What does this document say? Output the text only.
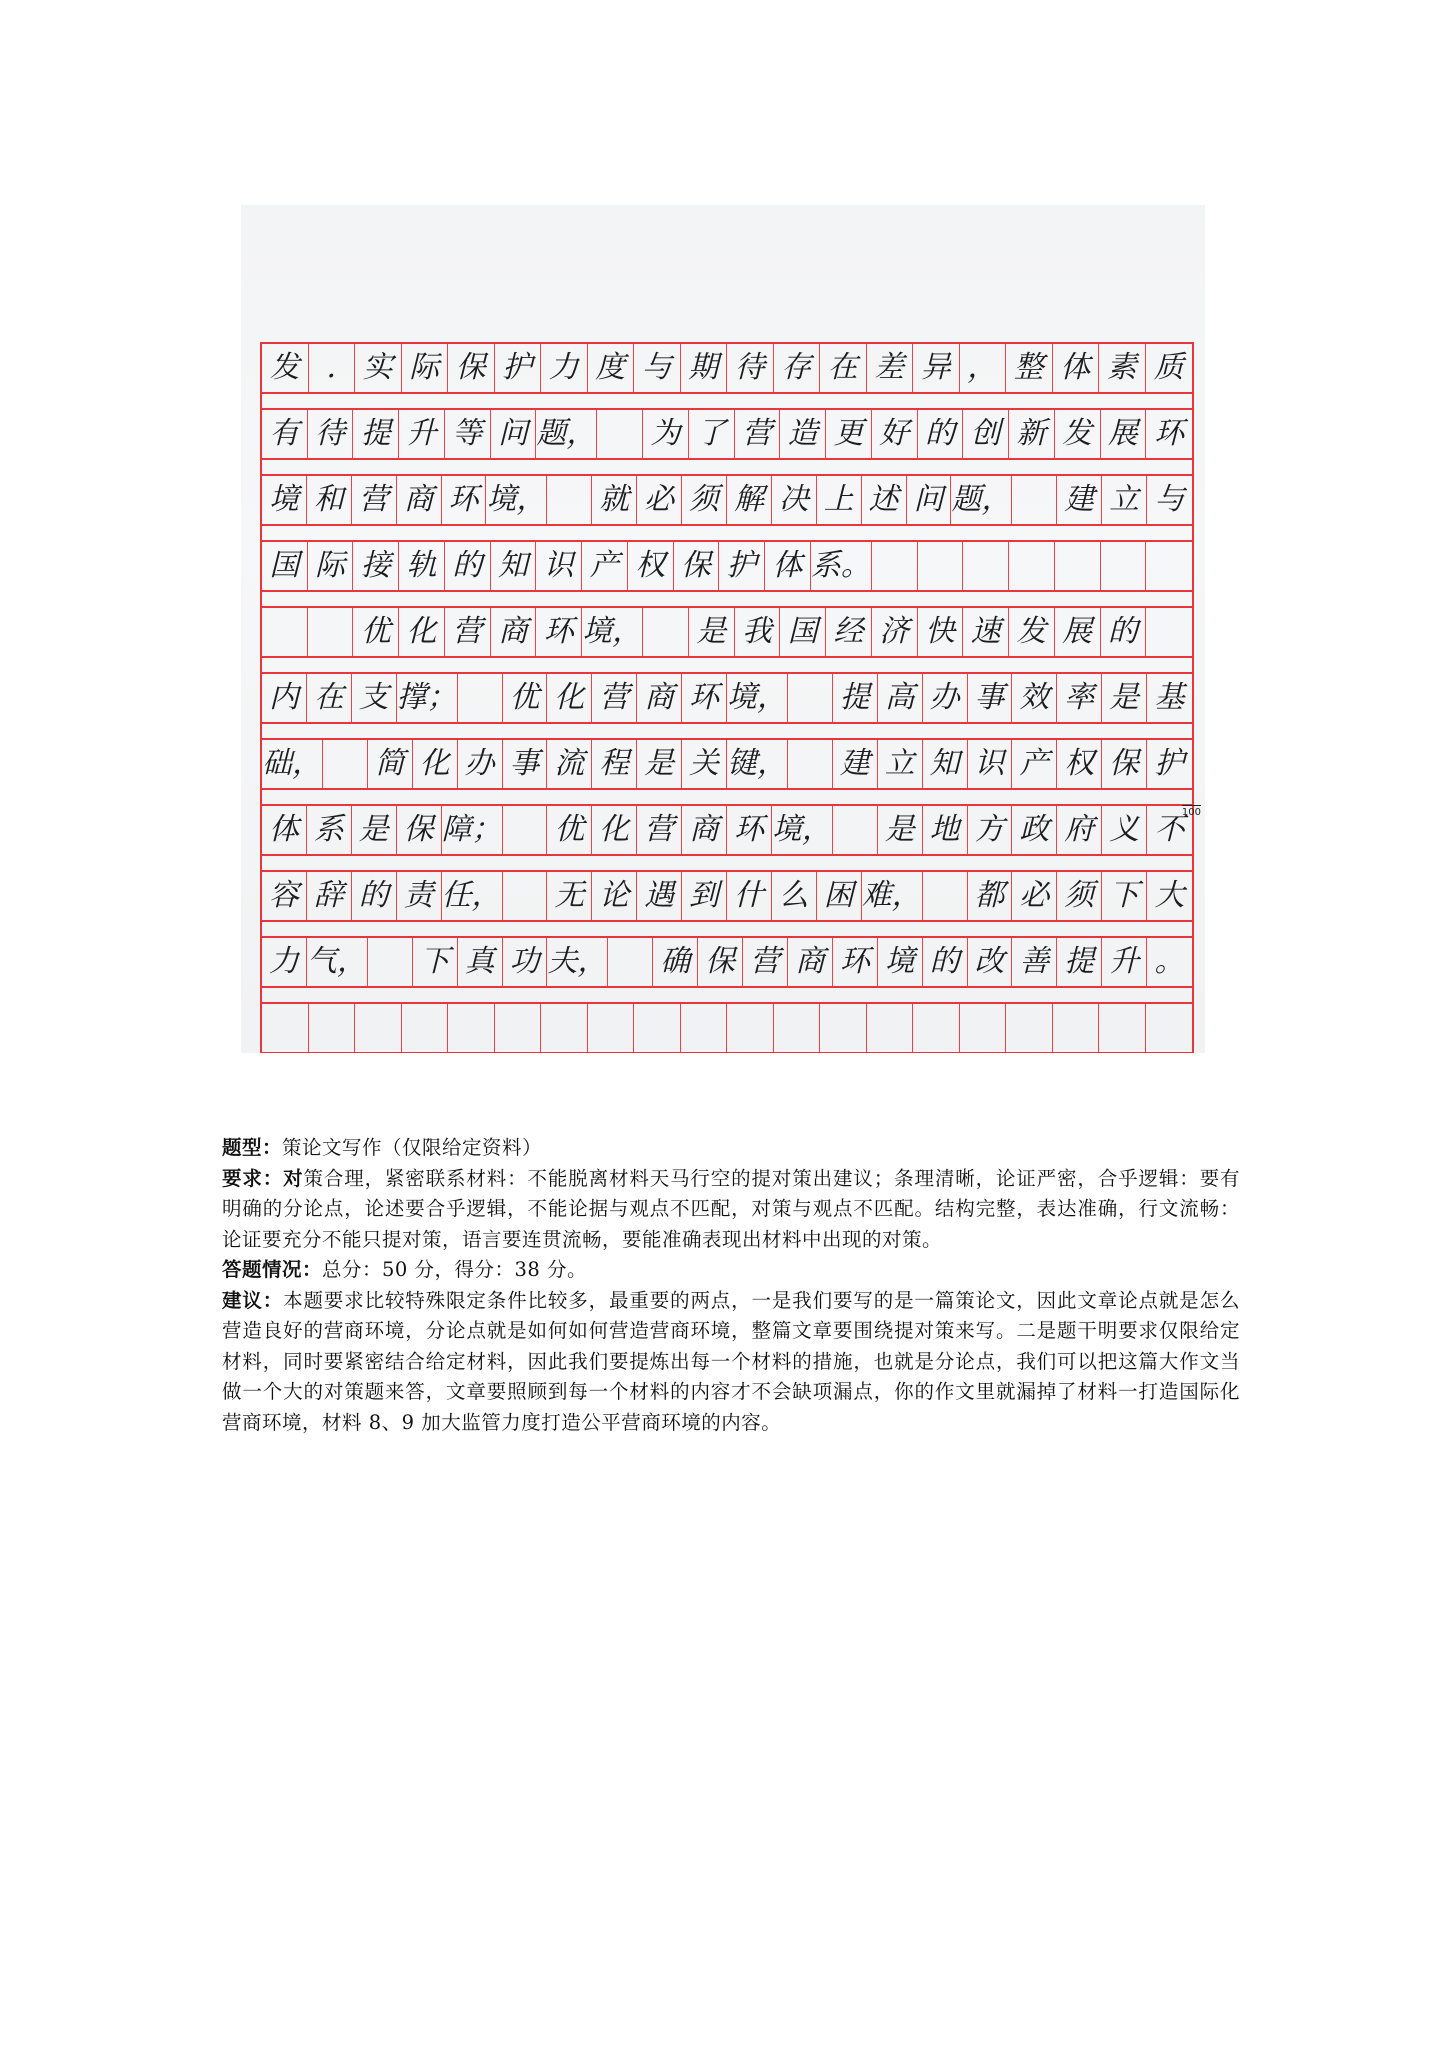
发 . 实 际 保 护 力 度 与 期 待 存 在 差 异 ， 整 体 素 质
有 待 提 升 等 问 题， 为 了 营 造 更 好 的 创 新 发 展 环
境 和 营 商 环 境， 就 必 须 解 决 上 述 问 题， 建 立 与
国 际 接 轨 的 知 识 产 权 保 护 体 系。
优 化 营 商 环 境， 是 我 国 经 济 快 速 发 展 的
内 在 支 撑； 优 化 营 商 环 境， 提 高 办 事 效 率 是 基
础， 简 化 办 事 流 程 是 关 键， 建 立 知 识 产 权 保 护
体 系 是 保 障； 优 化 营 商 环 境， 是 地 方 政 府 义 不
容 辞 的 责 任， 无 论 遇 到 什 么 困 难， 都 必 须 下 大
力 气， 下 真 功 夫， 确 保 营 商 环 境 的 改 善 提 升 。
100

题型：策论文写作（仅限给定资料）

要求：对策合理，紧密联系材料：不能脱离材料天马行空的提对策出建议；条理清晰，论证严密，合乎逻辑：要有明确的分论点，论述要合乎逻辑，不能论据与观点不匹配，对策与观点不匹配。结构完整，表达准确，行文流畅：论证要充分不能只提对策，语言要连贯流畅，要能准确表现出材料中出现的对策。

答题情况：总分：50 分，得分：38 分。

建议：本题要求比较特殊限定条件比较多，最重要的两点，一是我们要写的是一篇策论文，因此文章论点就是怎么营造良好的营商环境，分论点就是如何如何营造营商环境，整篇文章要围绕提对策来写。二是题干明要求仅限给定材料，同时要紧密结合给定材料，因此我们要提炼出每一个材料的措施，也就是分论点，我们可以把这篇大作文当做一个大的对策题来答，文章要照顾到每一个材料的内容才不会缺项漏点，你的作文里就漏掉了材料一打造国际化营商环境，材料 8、9 加大监管力度打造公平营商环境的内容。
